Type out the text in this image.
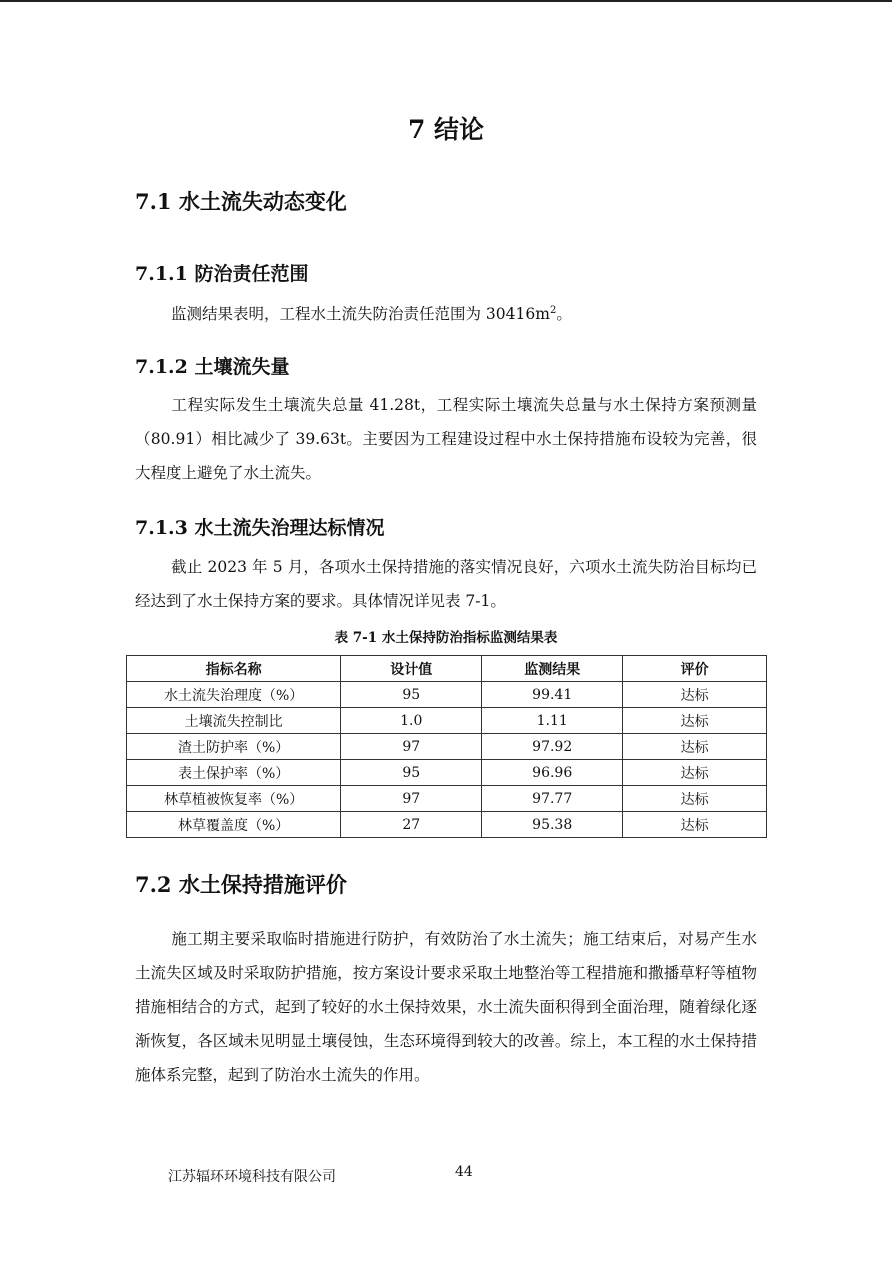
7 结论
7.1 水土流失动态变化
7.1.1 防治责任范围
监测结果表明，工程水土流失防治责任范围为 $30416m^2$。
7.1.2 土壤流失量
工程实际发生土壤流失总量 41.28t，工程实际土壤流失总量与水土保持方案预测量（80.91）相比减少了 39.63t。主要因为工程建设过程中水土保持措施布设较为完善，很大程度上避免了水土流失。
7.1.3 水土流失治理达标情况
截止 2023 年 5 月，各项水土保持措施的落实情况良好，六项水土流失防治目标均已经达到了水土保持方案的要求。具体情况详见表 7-1。
表 7-1 水土保持防治指标监测结果表
指标名称	设计值	监测结果	评价
水土流失治理度（%）	95	99.41	达标
土壤流失控制比	1.0	1.11	达标
渣土防护率（%）	97	97.92	达标
表土保护率（%）	95	96.96	达标
林草植被恢复率（%）	97	97.77	达标
林草覆盖度（%）	27	95.38	达标
7.2 水土保持措施评价
施工期主要采取临时措施进行防护，有效防治了水土流失；施工结束后，对易产生水土流失区域及时采取防护措施，按方案设计要求采取土地整治等工程措施和撒播草籽等植物措施相结合的方式，起到了较好的水土保持效果，水土流失面积得到全面治理，随着绿化逐渐恢复，各区域未见明显土壤侵蚀，生态环境得到较大的改善。综上，本工程的水土保持措施体系完整，起到了防治水土流失的作用。
江苏辐环环境科技有限公司	44
